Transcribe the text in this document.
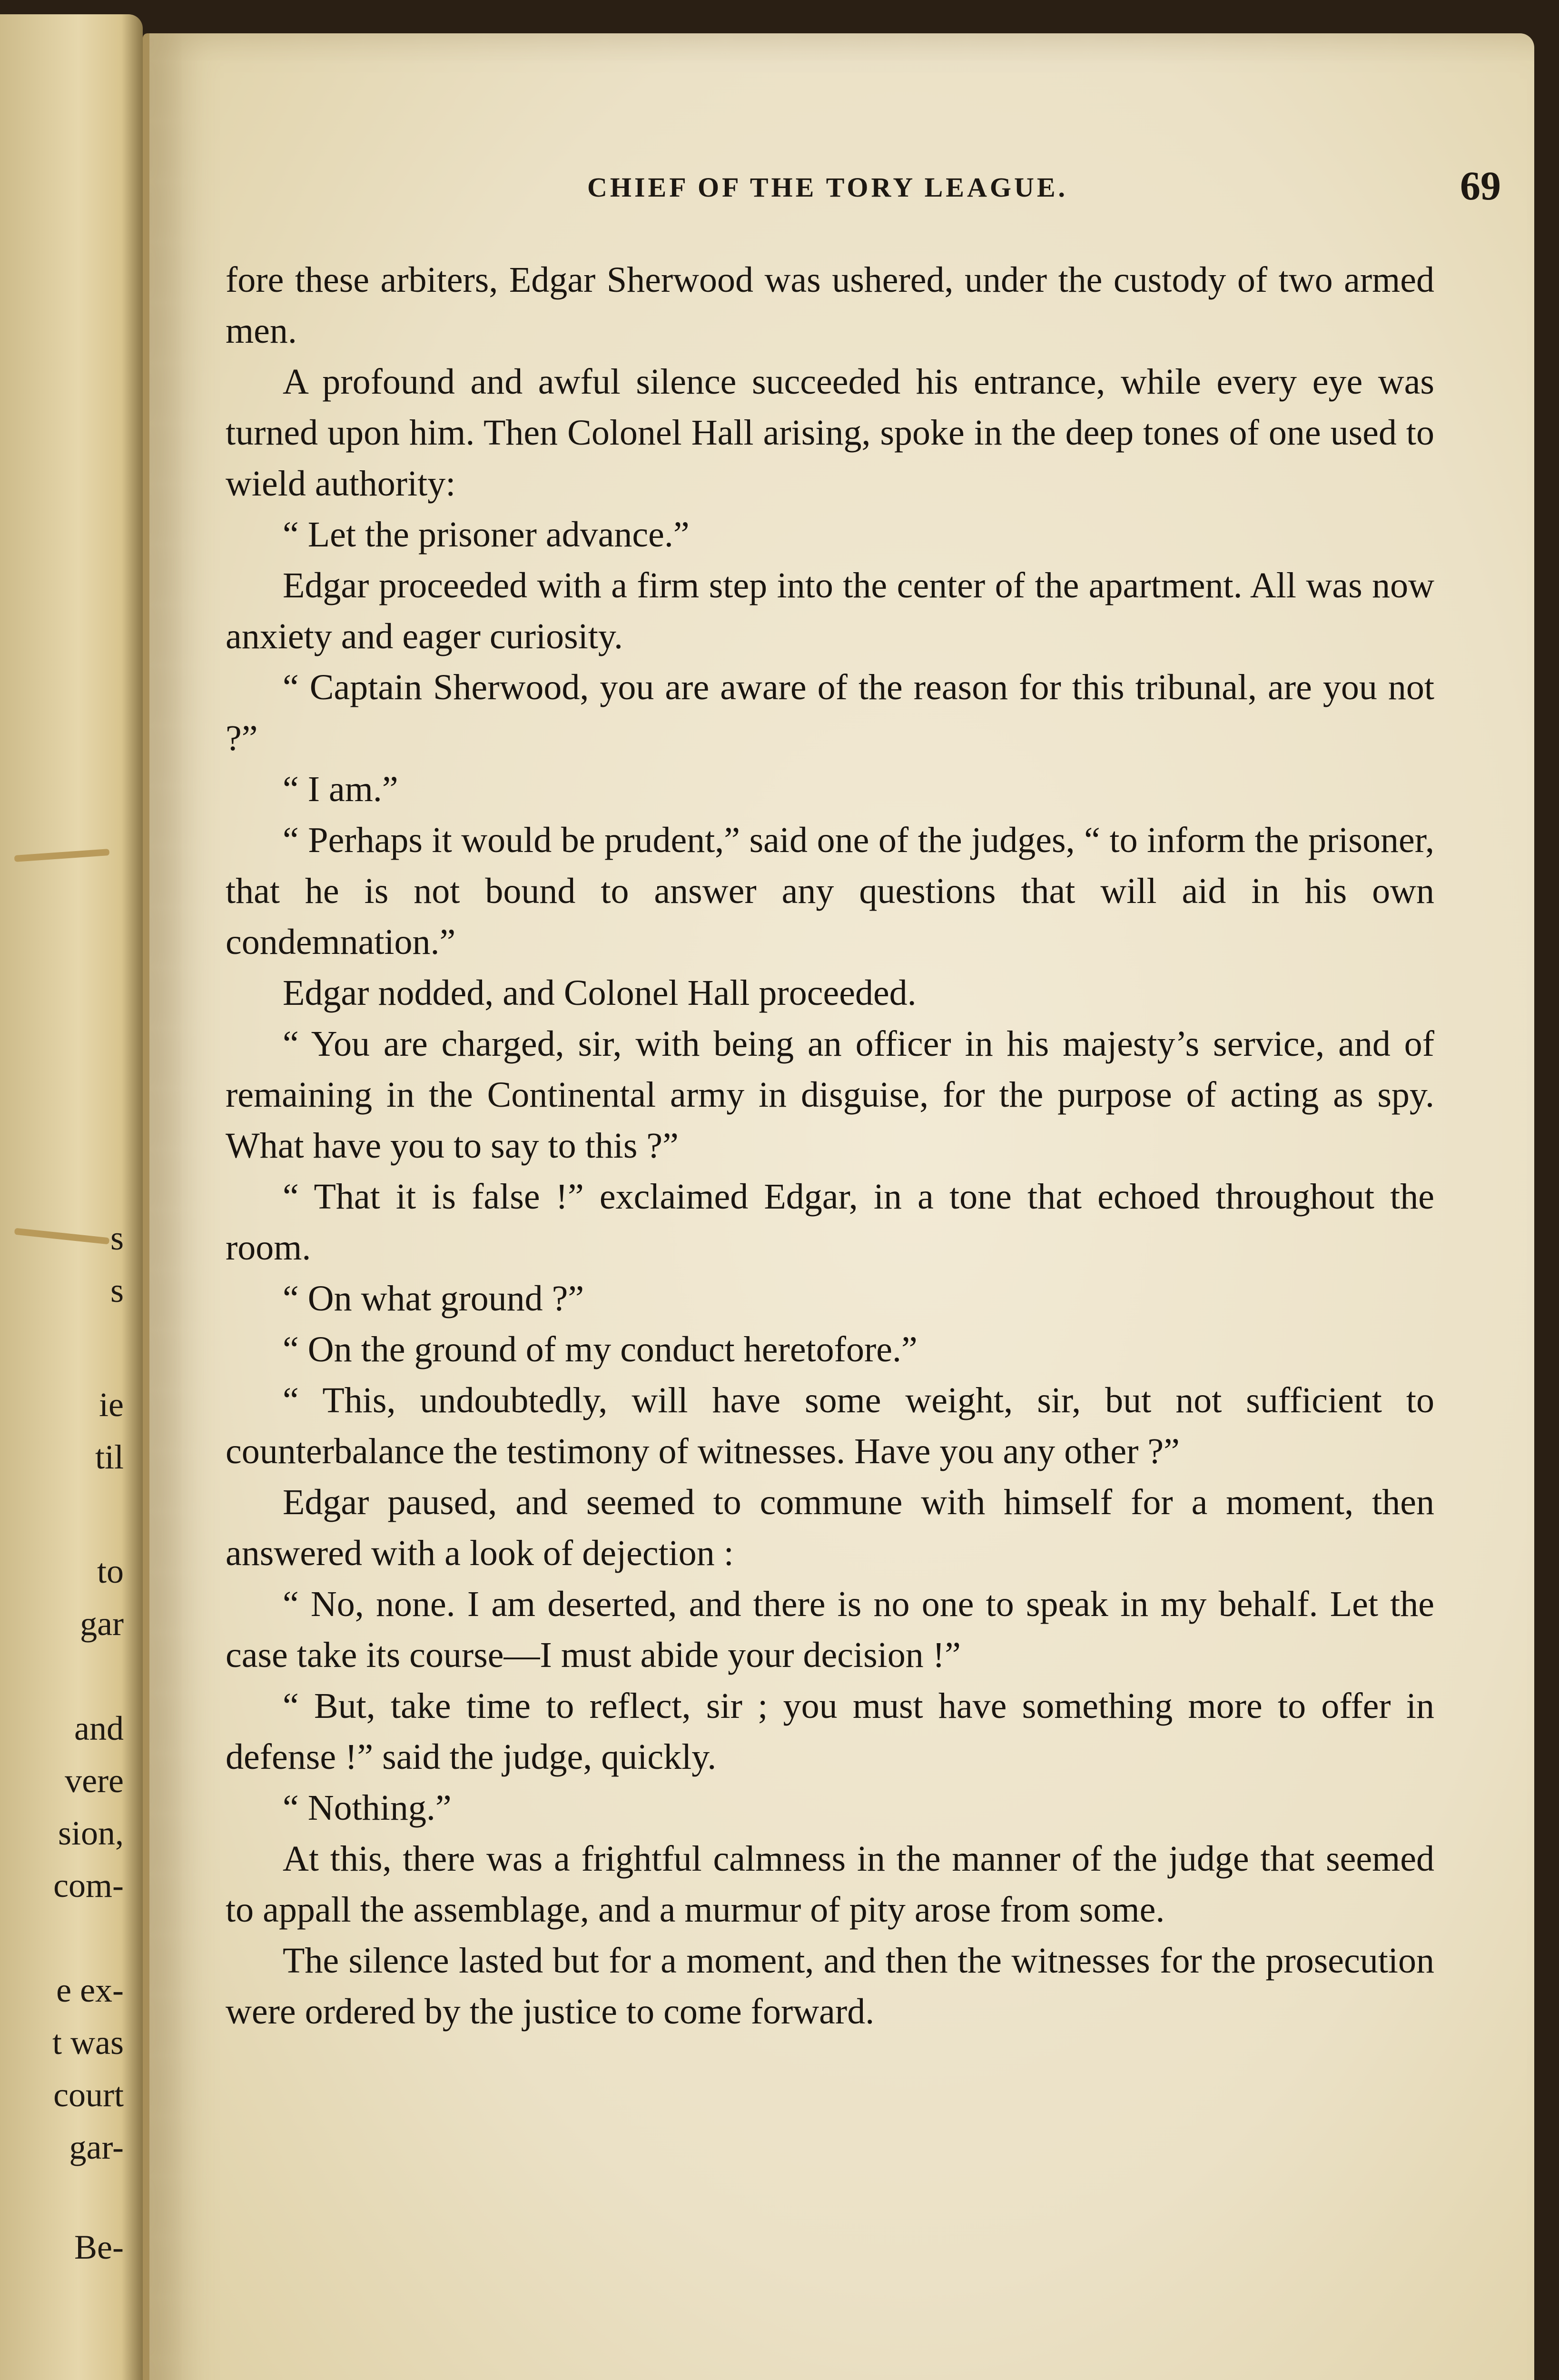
s
s
ie
til
to
gar
and
vere
sion,
com-
e ex-
t was
court
gar-
Be-
CHIEF OF THE TORY LEAGUE.	69

fore these arbiters, Edgar Sherwood was ushered, under the custody of two armed men.

A profound and awful silence succeeded his entrance, while every eye was turned upon him. Then Colonel Hall arising, spoke in the deep tones of one used to wield authority:

“ Let the prisoner advance.”

Edgar proceeded with a firm step into the center of the apartment. All was now anxiety and eager curiosity.

“ Captain Sherwood, you are aware of the reason for this tribunal, are you not ?”

“ I am.”

“ Perhaps it would be prudent,” said one of the judges, “ to inform the prisoner, that he is not bound to answer any questions that will aid in his own condemnation.”

Edgar nodded, and Colonel Hall proceeded.

“ You are charged, sir, with being an officer in his majesty’s service, and of remaining in the Continental army in disguise, for the purpose of acting as spy. What have you to say to this ?”

“ That it is false !” exclaimed Edgar, in a tone that echoed throughout the room.

“ On what ground ?”

“ On the ground of my conduct heretofore.”

“ This, undoubtedly, will have some weight, sir, but not sufficient to counterbalance the testimony of witnesses. Have you any other ?”

Edgar paused, and seemed to commune with himself for a moment, then answered with a look of dejection :

“ No, none. I am deserted, and there is no one to speak in my behalf. Let the case take its course—I must abide your decision !”

“ But, take time to reflect, sir ; you must have something more to offer in defense !” said the judge, quickly.

“ Nothing.”

At this, there was a frightful calmness in the manner of the judge that seemed to appall the assemblage, and a murmur of pity arose from some.

The silence lasted but for a moment, and then the witnesses for the prosecution were ordered by the justice to come forward.
